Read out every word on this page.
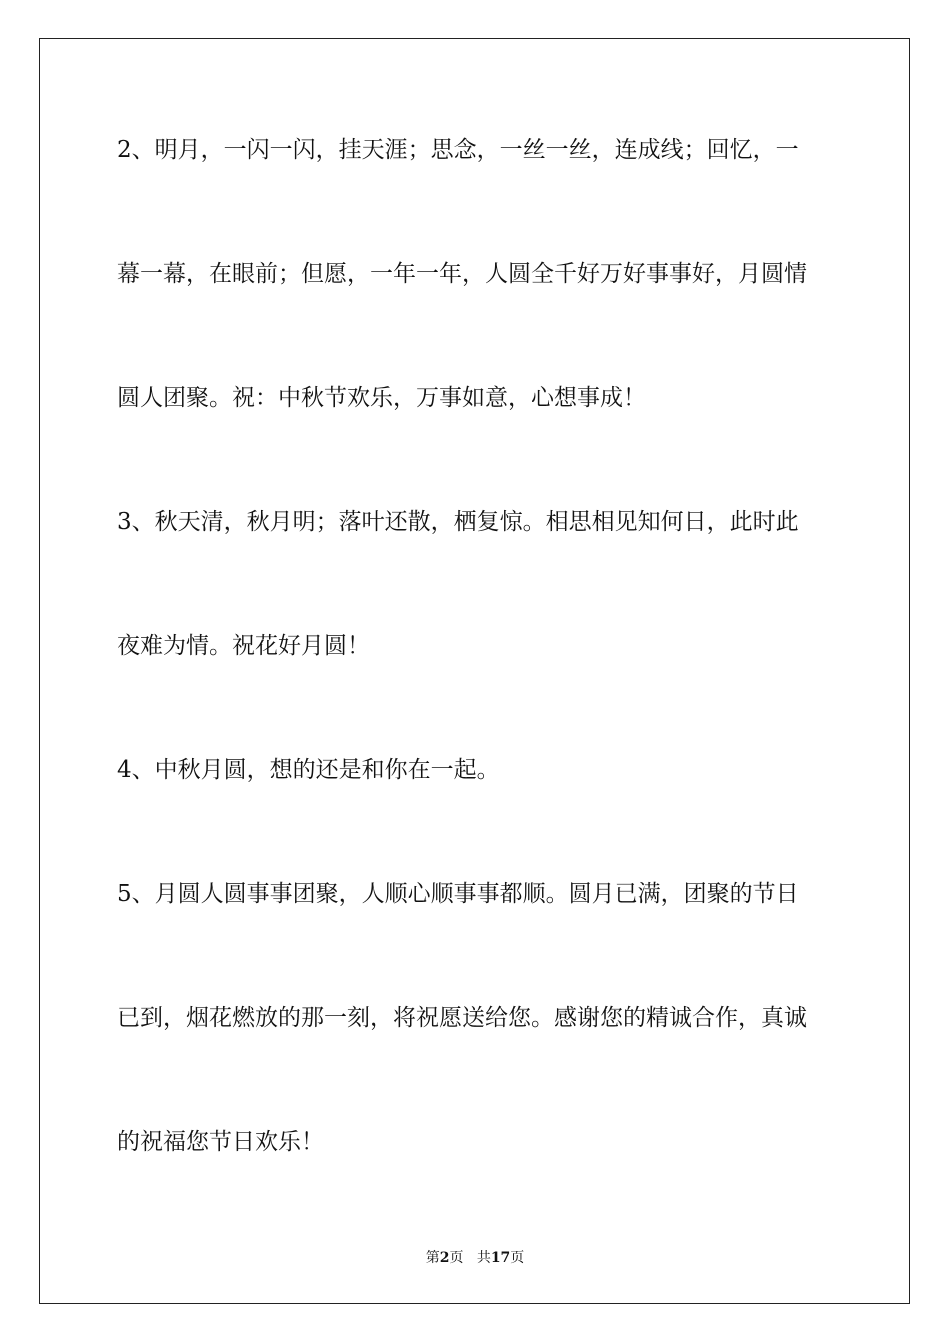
2、明月，一闪一闪，挂天涯；思念，一丝一丝，连成线；回忆，一
幕一幕，在眼前；但愿，一年一年，人圆全千好万好事事好，月圆情
圆人团聚。祝：中秋节欢乐，万事如意，心想事成！
3、秋天清，秋月明；落叶还散，栖复惊。相思相见知何日，此时此
夜难为情。祝花好月圆！
4、中秋月圆，想的还是和你在一起。
5、月圆人圆事事团聚，人顺心顺事事都顺。圆月已满，团聚的节日
已到，烟花燃放的那一刻，将祝愿送给您。感谢您的精诚合作，真诚
的祝福您节日欢乐！
第2页 共17页
